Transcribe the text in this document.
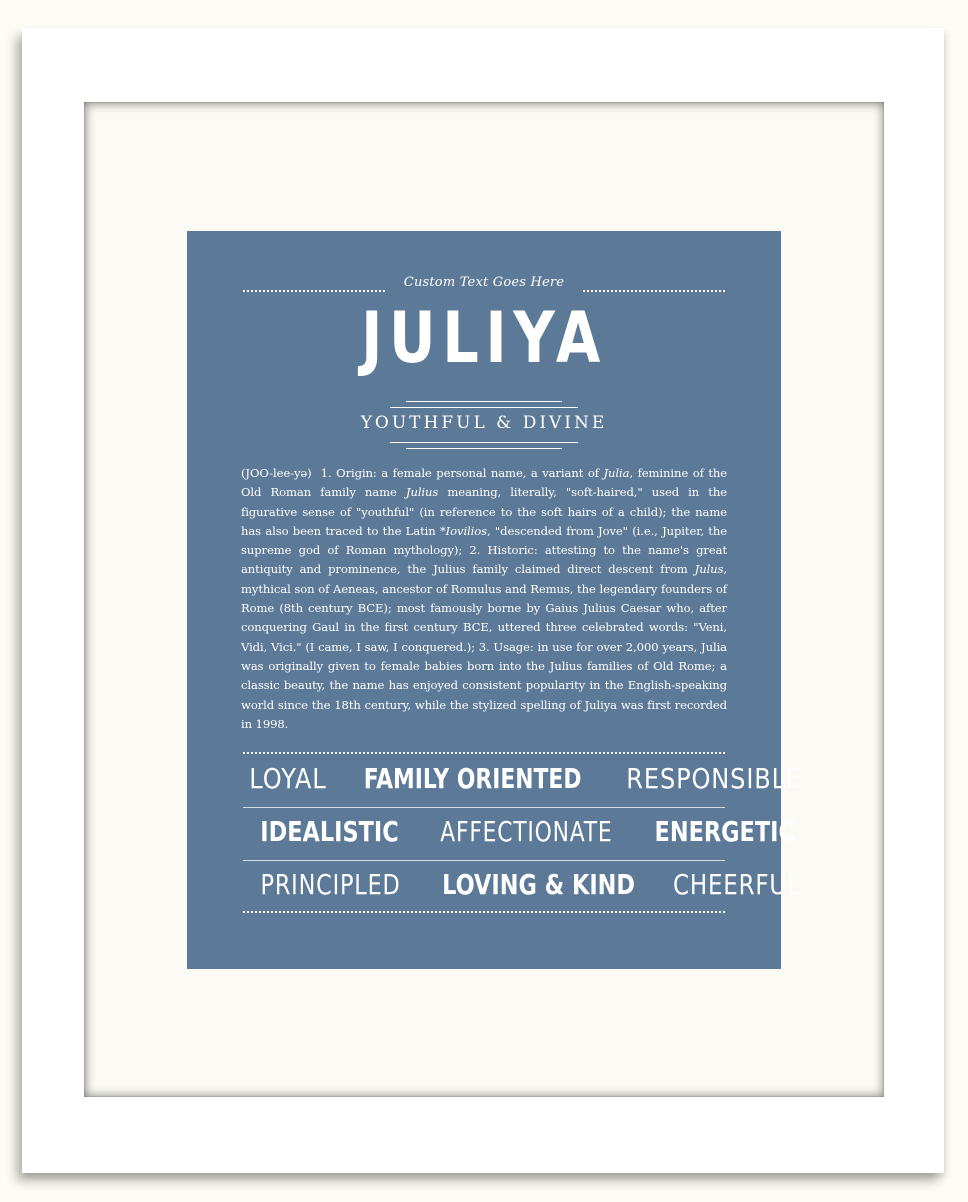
Custom Text Goes Here
JULIYA
YOUTHFUL & DIVINE
(JOO-lee-yə) 1. Origin: a female personal name, a variant of Julia, feminine of the Old Roman family name Julius meaning, literally, "soft-haired," used in the figurative sense of "youthful" (in reference to the soft hairs of a child); the name has also been traced to the Latin *Iovilios, "descended from Jove" (i.e., Jupiter, the supreme god of Roman mythology); 2. Historic: attesting to the name's great antiquity and prominence, the Julius family claimed direct descent from Julus, mythical son of Aeneas, ancestor of Romulus and Remus, the legendary founders of Rome (8th century BCE); most famously borne by Gaius Julius Caesar who, after conquering Gaul in the first century BCE, uttered three celebrated words: "Veni, Vidi, Vici." (I came, I saw, I conquered.); 3. Usage: in use for over 2,000 years, Julia was originally given to female babies born into the Julius families of Old Rome; a classic beauty, the name has enjoyed consistent popularity in the English-speaking world since the 18th century, while the stylized spelling of Juliya was first recorded in 1998.
LOYAL FAMILY ORIENTED RESPONSIBLE
IDEALISTIC AFFECTIONATE ENERGETIC
PRINCIPLED LOVING & KIND CHEERFUL
